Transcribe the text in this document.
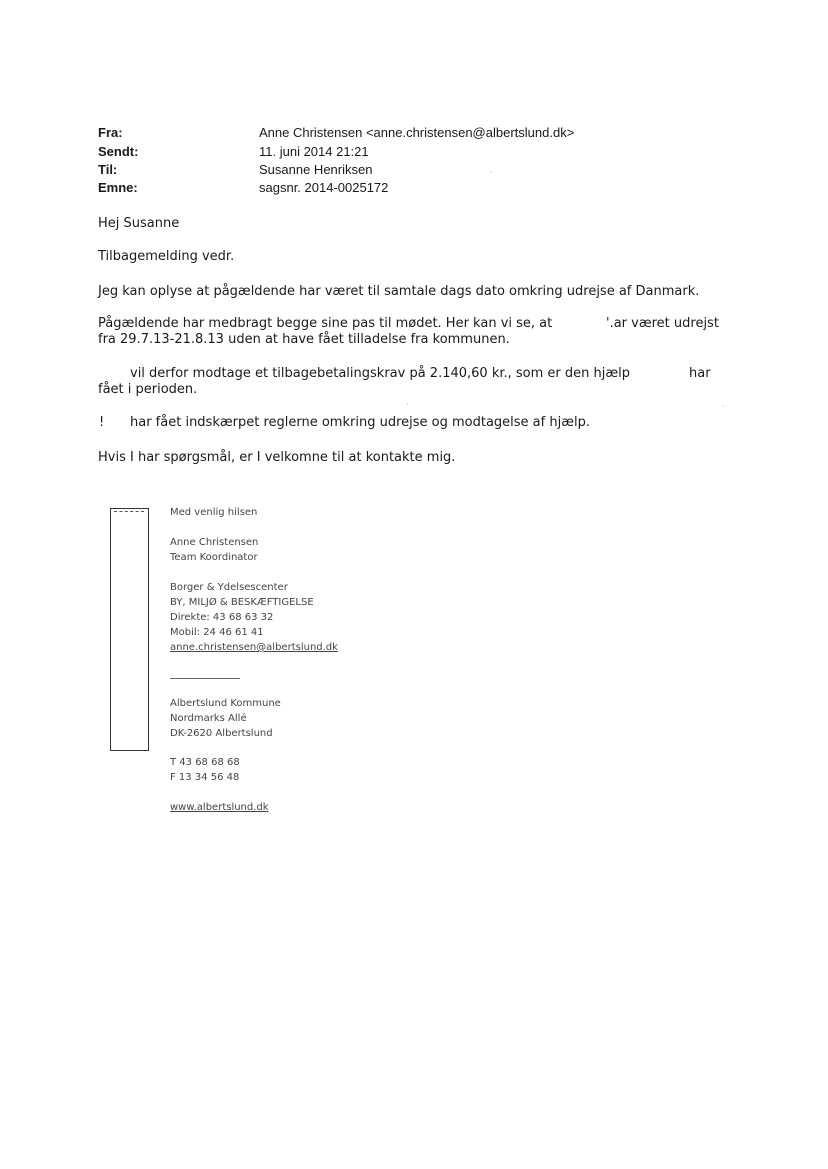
Fra:	Anne Christensen <anne.christensen@albertslund.dk>
Sendt:	11. juni 2014 21:21
Til:	Susanne Henriksen
Emne:	sagsnr. 2014-0025172
Hej Susanne
Tilbagemelding vedr.
Jeg kan oplyse at pågældende har været til samtale dags dato omkring udrejse af Danmark.
Pågældende har medbragt begge sine pas til mødet. Her kan vi se, at	'.ar været udrejst
fra 29.7.13-21.8.13 uden at have fået tilladelse fra kommunen.
vil derfor modtage et tilbagebetalingskrav på 2.140,60 kr., som er den hjælp	har
fået i perioden.
! har fået indskærpet reglerne omkring udrejse og modtagelse af hjælp.
Hvis I har spørgsmål, er I velkomne til at kontakte mig.
Med venlig hilsen
Anne Christensen
Team Koordinator
Borger & Ydelsescenter
BY, MILJØ & BESKÆFTIGELSE
Direkte: 43 68 63 32
Mobil: 24 46 61 41
anne.christensen@albertslund.dk
Albertslund Kommune
Nordmarks Allé
DK-2620 Albertslund
T 43 68 68 68
F 13 34 56 48
www.albertslund.dk
·
·	·
